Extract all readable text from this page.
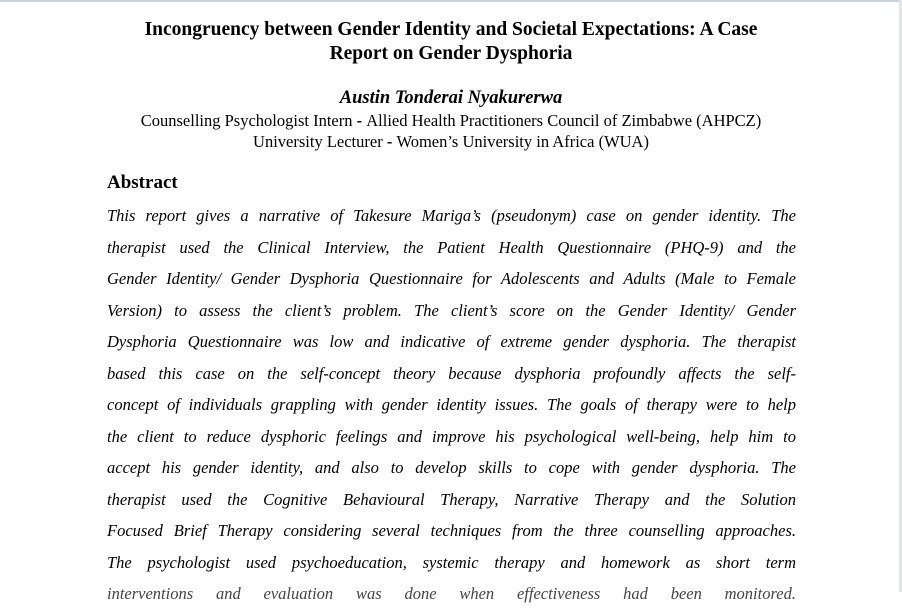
Incongruency between Gender Identity and Societal Expectations: A Case
Report on Gender Dysphoria
Austin Tonderai Nyakurerwa
Counselling Psychologist Intern - Allied Health Practitioners Council of Zimbabwe (AHPCZ)
University Lecturer - Women’s University in Africa (WUA)
Abstract
This report gives a narrative of Takesure Mariga’s (pseudonym) case on gender identity. The
therapist used the Clinical Interview, the Patient Health Questionnaire (PHQ-9) and the
Gender Identity/ Gender Dysphoria Questionnaire for Adolescents and Adults (Male to Female
Version) to assess the client’s problem. The client’s score on the Gender Identity/ Gender
Dysphoria Questionnaire was low and indicative of extreme gender dysphoria. The therapist
based this case on the self-concept theory because dysphoria profoundly affects the self-
concept of individuals grappling with gender identity issues. The goals of therapy were to help
the client to reduce dysphoric feelings and improve his psychological well-being, help him to
accept his gender identity, and also to develop skills to cope with gender dysphoria. The
therapist used the Cognitive Behavioural Therapy, Narrative Therapy and the Solution
Focused Brief Therapy considering several techniques from the three counselling approaches.
The psychologist used psychoeducation, systemic therapy and homework as short term
interventions and evaluation was done when effectiveness had been monitored.
